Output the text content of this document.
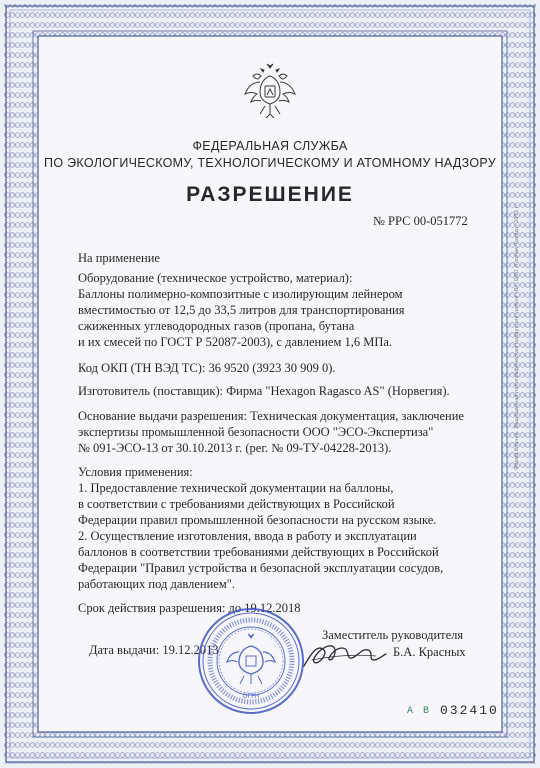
ФЕДЕРАЛЬНАЯ СЛУЖБА
ПО ЭКОЛОГИЧЕСКОМУ, ТЕХНОЛОГИЧЕСКОМУ И АТОМНОМУ НАДЗОРУ
РАЗРЕШЕНИЕ
№ РРС 00-051772
На применение
Оборудование (техническое устройство, материал):
Баллоны полимерно-композитные с изолирующим лейнером
вместимостью от 12,5 до 33,5 литров для транспортирования
сжиженных углеводородных газов (пропана, бутана
и их смесей по ГОСТ Р 52087-2003), с давлением 1,6 МПа.
Код ОКП (ТН ВЭД ТС): 36 9520 (3923 30 909 0).
Изготовитель (поставщик): Фирма "Hexagon Ragasco AS" (Норвегия).
Основание выдачи разрешения: Техническая документация, заключение
экспертизы промышленной безопасности ООО "ЭСО-Экспертиза"
№ 091-ЭСО-13 от 30.10.2013 г. (рег. № 09-ТУ-04228-2013).
Условия применения:
1. Предоставление технической документации на баллоны,
в соответствии с требованиями действующих в Российской
Федерации правил промышленной безопасности на русском языке.
2. Осуществление изготовления, ввода в работу и эксплуатации
баллонов в соответствии требованиями действующих в Российской
Федерации "Правил устройства и безопасной эксплуатации сосудов,
работающих под давлением".
Срок действия разрешения: до 19.12.2018
Заместитель руководителя
Дата выдачи: 19.12.2013	Б.А. Красных
ОГРН
Форма бланка. Защищенная полиграфическая продукция уровня «В». ООО «Гознак-Трейд», 2013 г.
А В 032410
